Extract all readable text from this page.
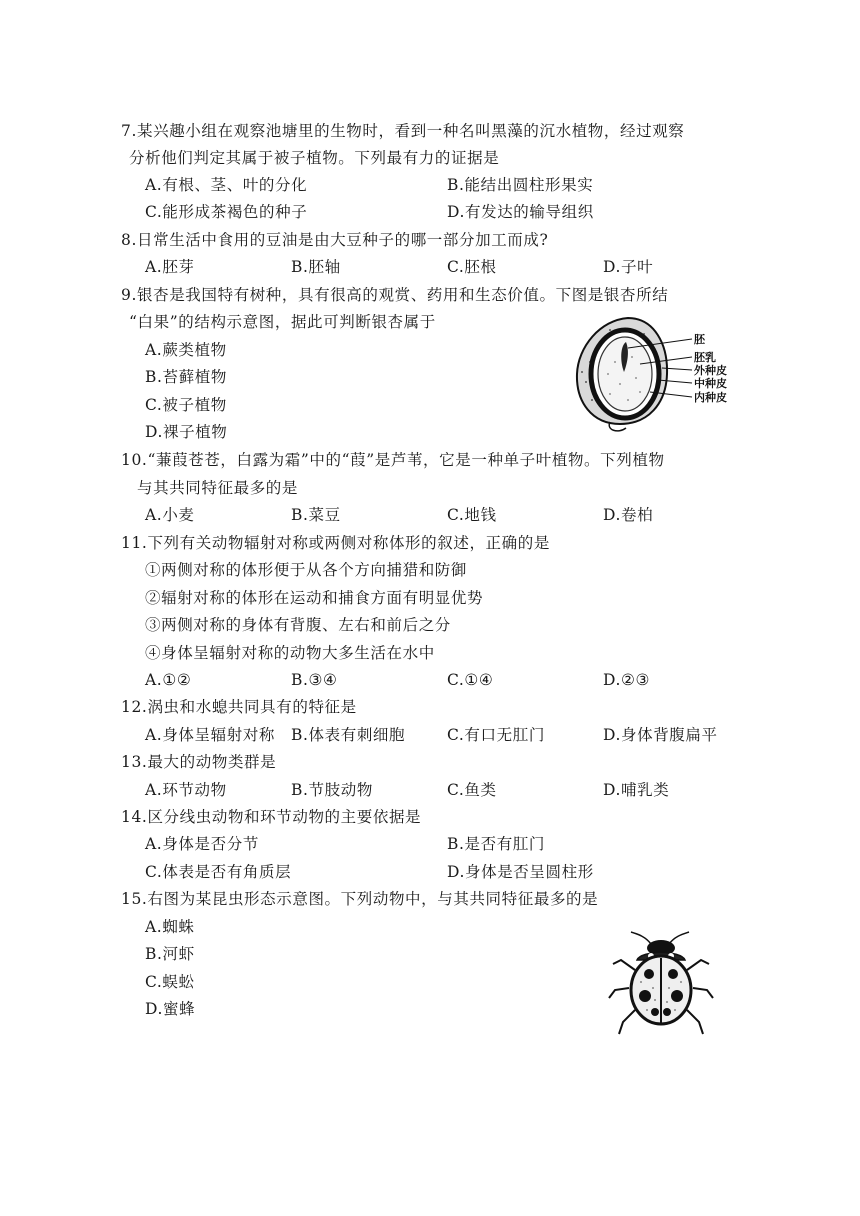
7.某兴趣小组在观察池塘里的生物时，看到一种名叫黑藻的沉水植物，经过观察
分析他们判定其属于被子植物。下列最有力的证据是
A.有根、茎、叶的分化	B.能结出圆柱形果实
C.能形成茶褐色的种子	D.有发达的输导组织
8.日常生活中食用的豆油是由大豆种子的哪一部分加工而成?
A.胚芽	B.胚轴	C.胚根	D.子叶
9.银杏是我国特有树种，具有很高的观赏、药用和生态价值。下图是银杏所结
“白果”的结构示意图，据此可判断银杏属于
A.蕨类植物
B.苔藓植物
C.被子植物
D.裸子植物
胚
胚乳
外种皮
中种皮
内种皮
10.“蒹葭苍苍，白露为霜”中的“葭”是芦苇，它是一种单子叶植物。下列植物
与其共同特征最多的是
A.小麦	B.菜豆	C.地钱	D.卷柏
11.下列有关动物辐射对称或两侧对称体形的叙述，正确的是
①两侧对称的体形便于从各个方向捕猎和防御
②辐射对称的体形在运动和捕食方面有明显优势
③两侧对称的身体有背腹、左右和前后之分
④身体呈辐射对称的动物大多生活在水中
A.①②	B.③④	C.①④	D.②③
12.涡虫和水螅共同具有的特征是
A.身体呈辐射对称 B.体表有刺细胞	C.有口无肛门	D.身体背腹扁平
13.最大的动物类群是
A.环节动物	B.节肢动物	C.鱼类	D.哺乳类
14.区分线虫动物和环节动物的主要依据是
A.身体是否分节	B.是否有肛门
C.体表是否有角质层	D.身体是否呈圆柱形
15.右图为某昆虫形态示意图。下列动物中，与其共同特征最多的是
A.蜘蛛
B.河虾
C.蜈蚣
D.蜜蜂
